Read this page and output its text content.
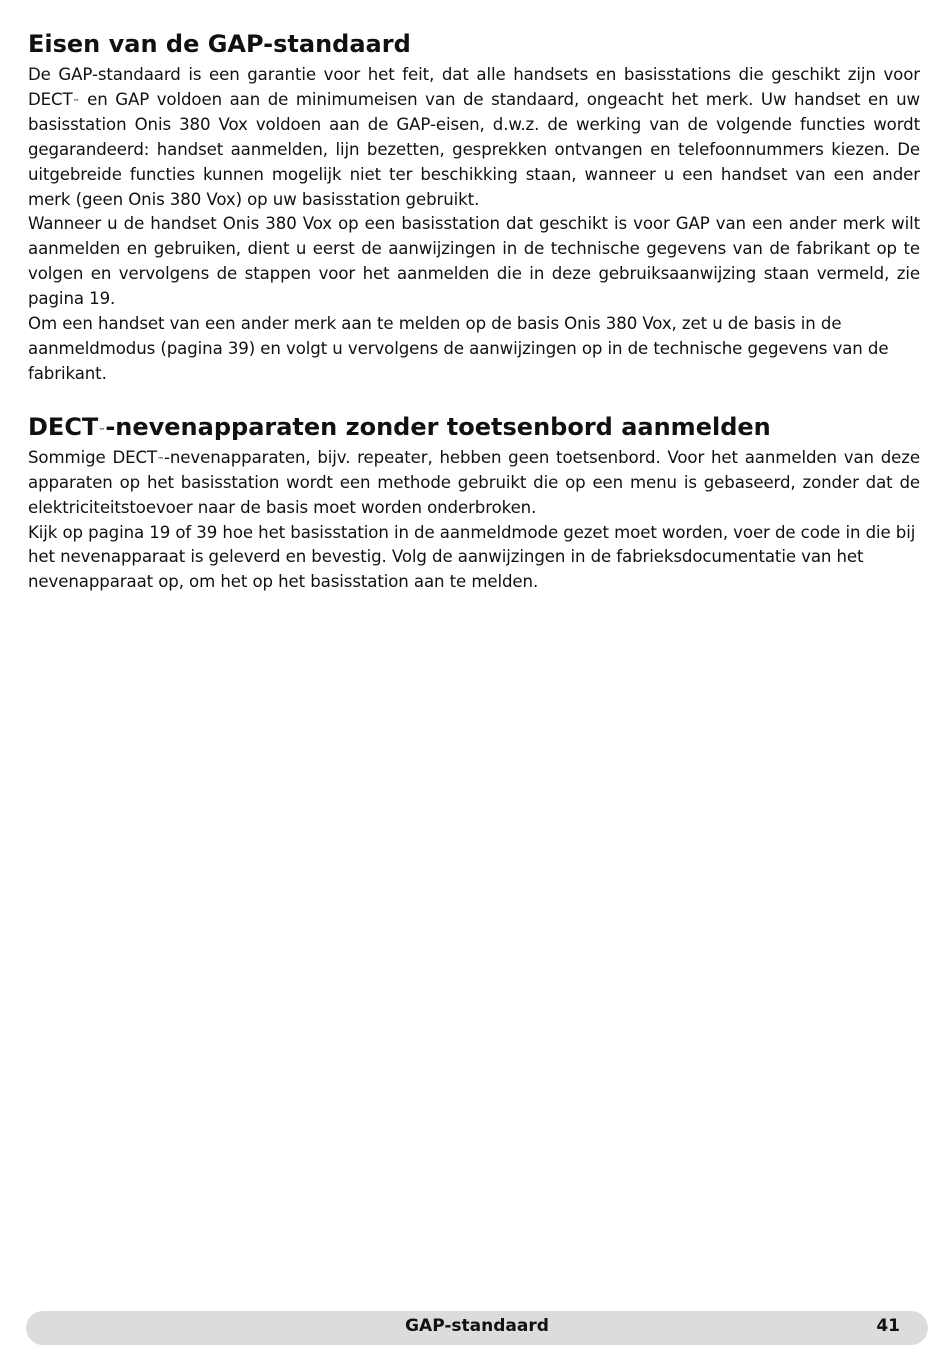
Eisen van de GAP-standaard

De GAP-standaard is een garantie voor het feit, dat alle handsets en basisstations die geschikt zijn voor DECT™ en GAP voldoen aan de minimumeisen van de standaard, ongeacht het merk. Uw handset en uw basisstation Onis 380 Vox voldoen aan de GAP-eisen, d.w.z. de werking van de volgende functies wordt gegarandeerd: handset aanmelden, lijn bezetten, gesprekken ontvangen en telefoonnummers kiezen. De uitgebreide functies kunnen mogelijk niet ter beschikking staan, wanneer u een handset van een ander merk (geen Onis 380 Vox) op uw basisstation gebruikt.

Wanneer u de handset Onis 380 Vox op een basisstation dat geschikt is voor GAP van een ander merk wilt aanmelden en gebruiken, dient u eerst de aanwijzingen in de technische gegevens van de fabrikant op te volgen en vervolgens de stappen voor het aanmelden die in deze gebruiksaanwijzing staan vermeld, zie pagina 19.

Om een handset van een ander merk aan te melden op de basis Onis 380 Vox, zet u de basis in de aanmeldmodus (pagina 39) en volgt u vervolgens de aanwijzingen op in de technische gegevens van de fabrikant.

DECT™-nevenapparaten zonder toetsenbord aanmelden

Sommige DECT™-nevenapparaten, bijv. repeater, hebben geen toetsenbord. Voor het aanmelden van deze apparaten op het basisstation wordt een methode gebruikt die op een menu is gebaseerd, zonder dat de elektriciteitstoevoer naar de basis moet worden onderbroken.

Kijk op pagina 19 of 39 hoe het basisstation in de aanmeldmode gezet moet worden, voer de code in die bij het nevenapparaat is geleverd en bevestig. Volg de aanwijzingen in de fabrieksdocumentatie van het nevenapparaat op, om het op het basisstation aan te melden.

GAP-standaard	41
